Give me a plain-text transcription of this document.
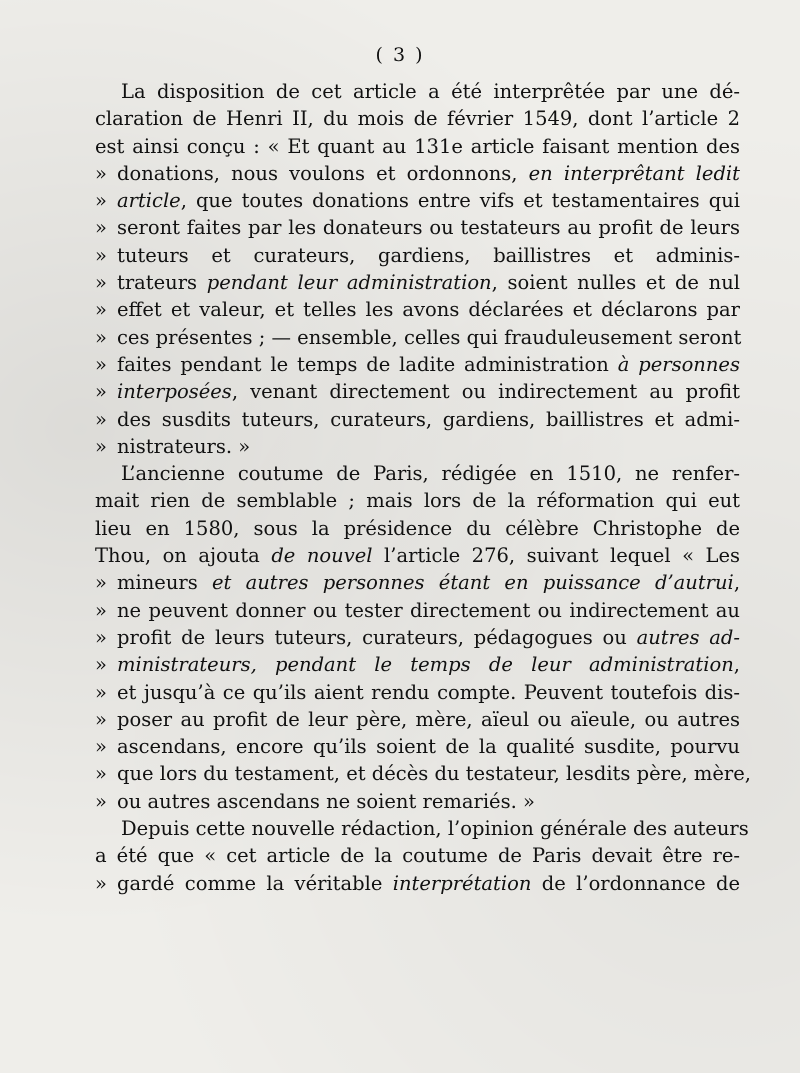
( 3 )
La disposition de cet article a été interprêtée par une dé-
claration de Henri II, du mois de février 1549, dont l’article 2
est ainsi conçu : « Et quant au 131e article faisant mention des
» donations, nous voulons et ordonnons, en interprêtant ledit
» article, que toutes donations entre vifs et testamentaires qui
» seront faites par les donateurs ou testateurs au profit de leurs
» tuteurs et curateurs, gardiens, baillistres et adminis-
» trateurs pendant leur administration, soient nulles et de nul
» effet et valeur, et telles les avons déclarées et déclarons par
» ces présentes ; — ensemble, celles qui frauduleusement seront
» faites pendant le temps de ladite administration à personnes
» interposées, venant directement ou indirectement au profit
» des susdits tuteurs, curateurs, gardiens, baillistres et admi-
» nistrateurs. »
L’ancienne coutume de Paris, rédigée en 1510, ne renfer-
mait rien de semblable ; mais lors de la réformation qui eut
lieu en 1580, sous la présidence du célèbre Christophe de
Thou, on ajouta de nouvel l’article 276, suivant lequel « Les
» mineurs et autres personnes étant en puissance d’autrui,
» ne peuvent donner ou tester directement ou indirectement au
» profit de leurs tuteurs, curateurs, pédagogues ou autres ad-
» ministrateurs, pendant le temps de leur administration,
» et jusqu’à ce qu’ils aient rendu compte. Peuvent toutefois dis-
» poser au profit de leur père, mère, aïeul ou aïeule, ou autres
» ascendans, encore qu’ils soient de la qualité susdite, pourvu
» que lors du testament, et décès du testateur, lesdits père, mère,
» ou autres ascendans ne soient remariés. »
Depuis cette nouvelle rédaction, l’opinion générale des auteurs
a été que « cet article de la coutume de Paris devait être re-
» gardé comme la véritable interprétation de l’ordonnance de
